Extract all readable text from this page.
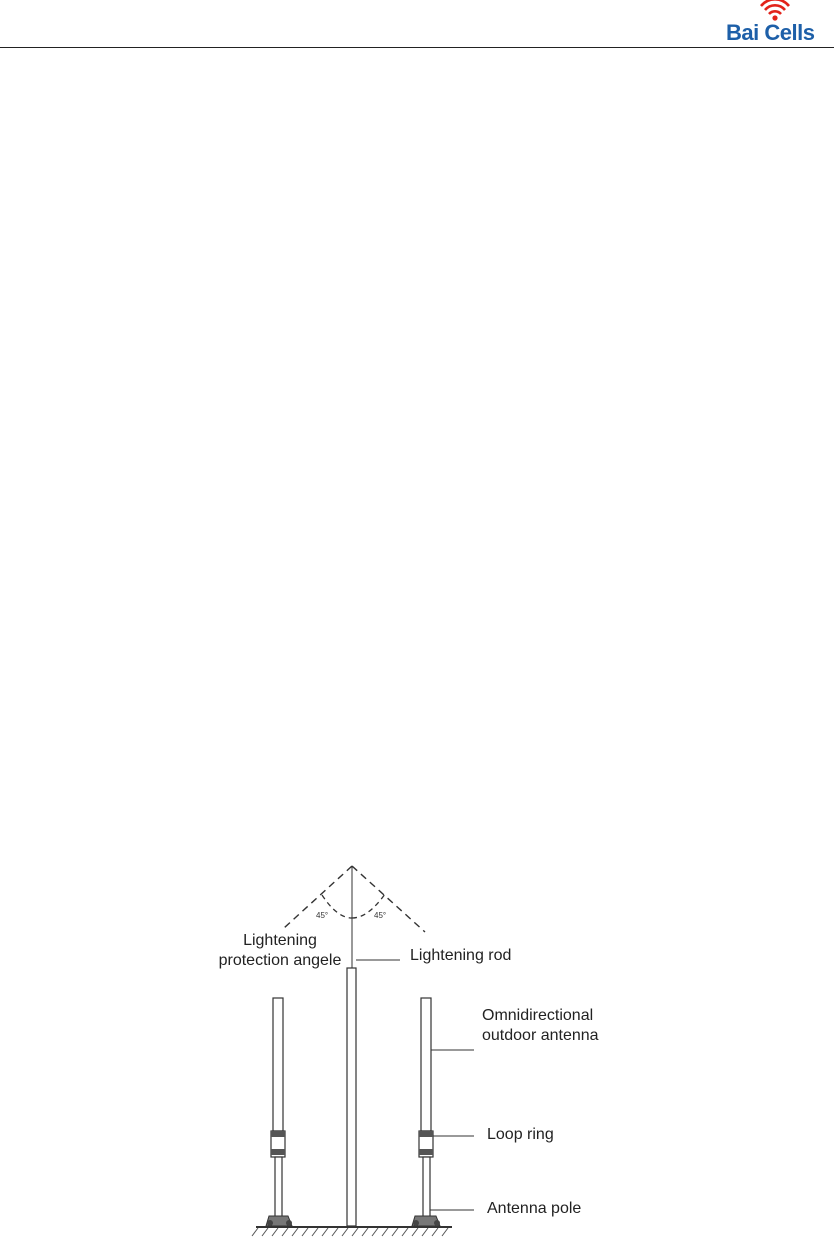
Bai Cells
45°	45°
Lightening
protection angele	Lightening rod
Omnidirectional
outdoor antenna
Loop ring
Antenna pole
